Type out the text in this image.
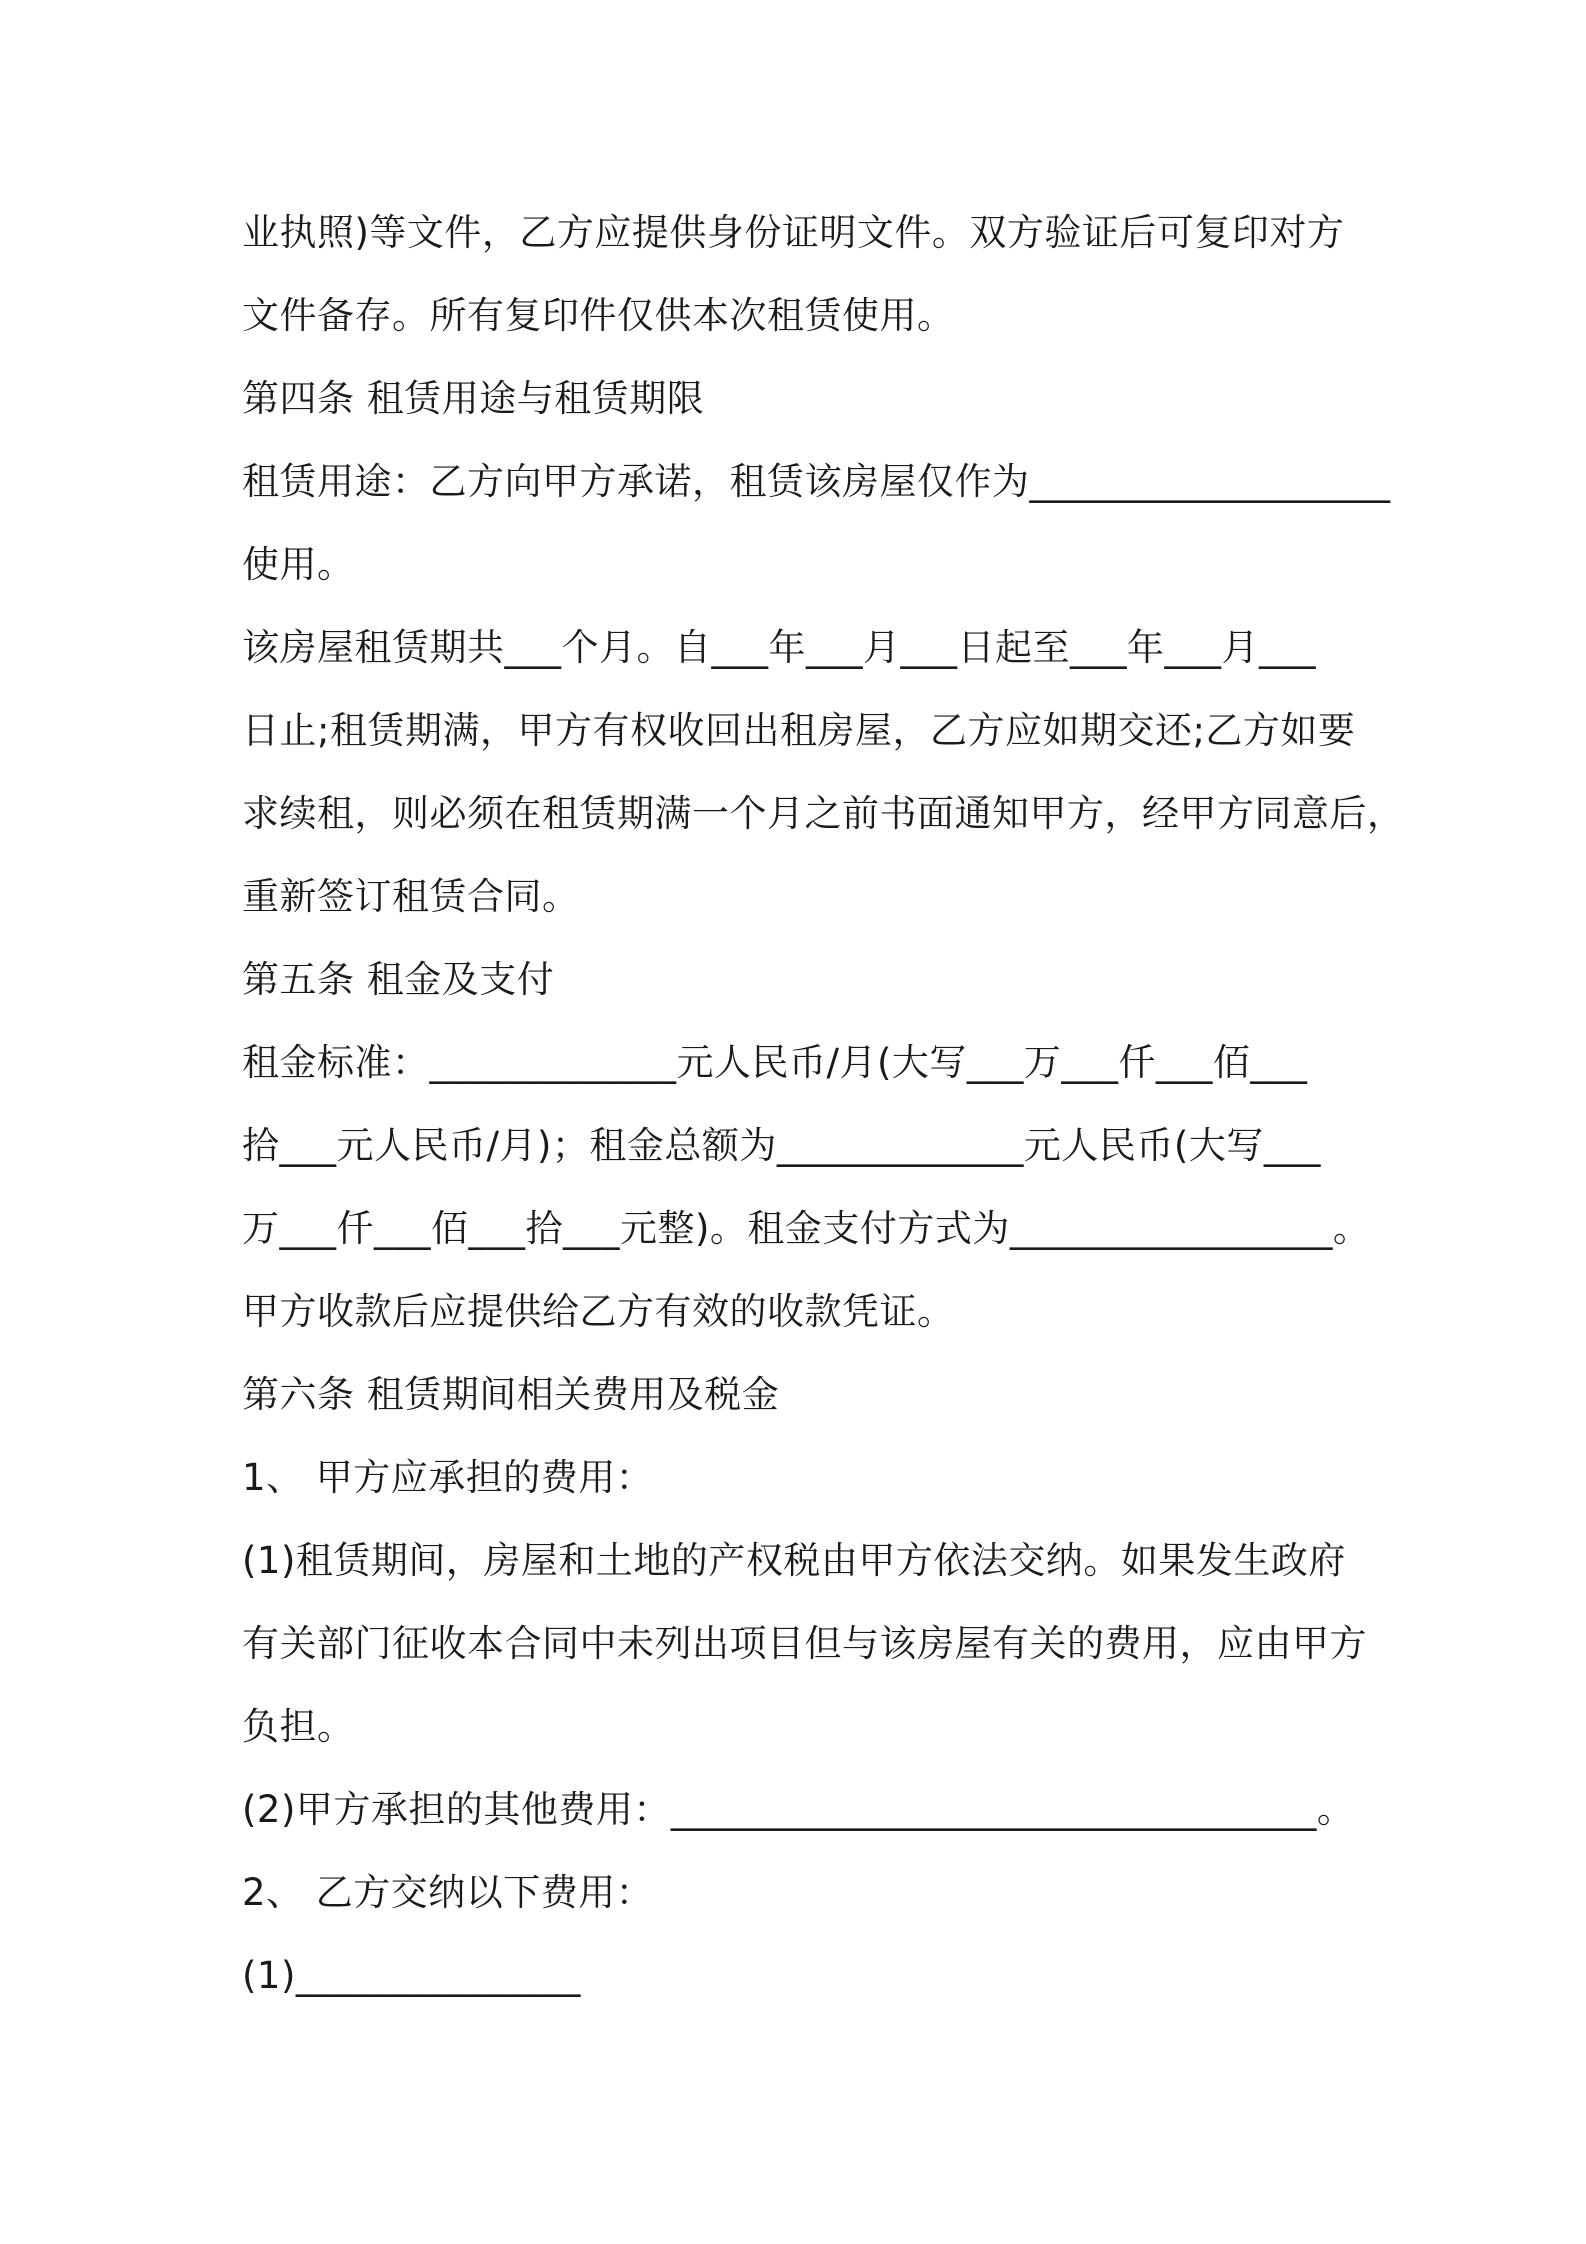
业执照)等文件，乙方应提供身份证明文件。双方验证后可复印对方

文件备存。所有复印件仅供本次租赁使用。

第四条 租赁用途与租赁期限

租赁用途：乙方向甲方承诺，租赁该房屋仅作为___________________

使用。

该房屋租赁期共___个月。自___年___月___日起至___年___月___

日止;租赁期满，甲方有权收回出租房屋，乙方应如期交还;乙方如要

求续租，则必须在租赁期满一个月之前书面通知甲方，经甲方同意后，

重新签订租赁合同。

第五条 租金及支付

租金标准：_____________元人民币/月(大写___万___仟___佰___

拾___元人民币/月)；租金总额为_____________元人民币(大写___

万___仟___佰___拾___元整)。租金支付方式为_________________。

甲方收款后应提供给乙方有效的收款凭证。

第六条 租赁期间相关费用及税金

1、 甲方应承担的费用：

(1)租赁期间，房屋和土地的产权税由甲方依法交纳。如果发生政府

有关部门征收本合同中未列出项目但与该房屋有关的费用，应由甲方

负担。

(2)甲方承担的其他费用：__________________________________。

2、 乙方交纳以下费用：

(1)_______________
